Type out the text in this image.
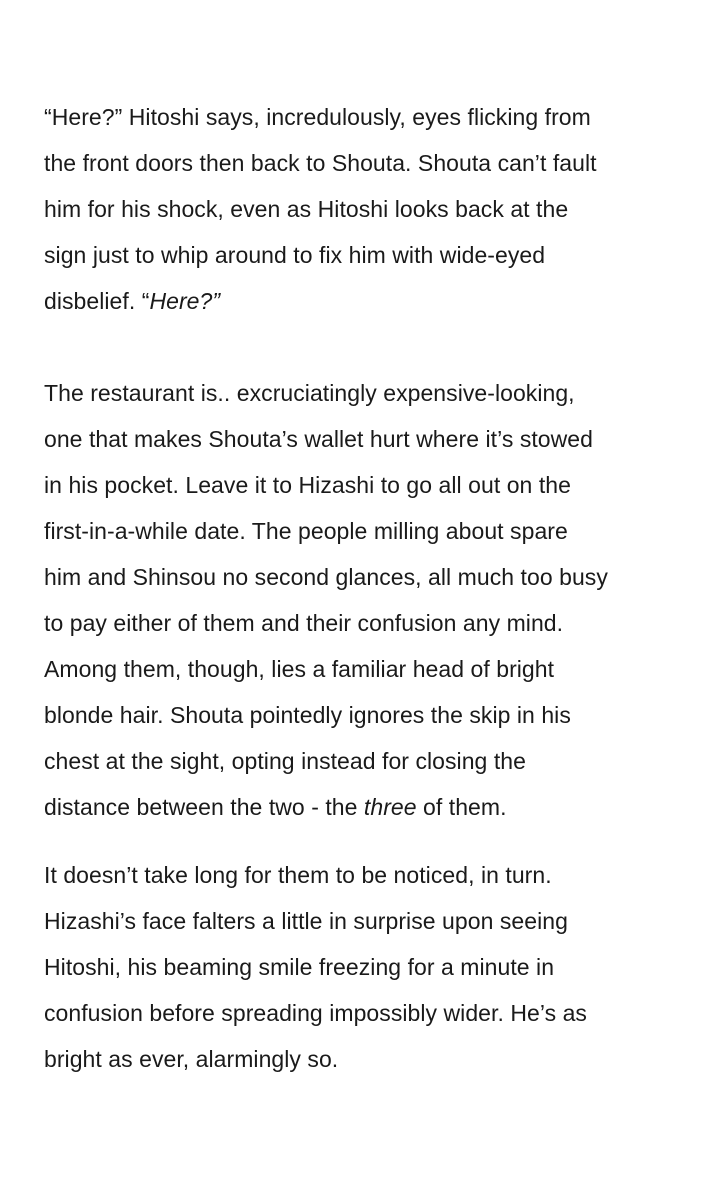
“Here?” Hitoshi says, incredulously, eyes flicking from
the front doors then back to Shouta. Shouta can’t fault
him for his shock, even as Hitoshi looks back at the
sign just to whip around to fix him with wide-eyed
disbelief. “Here?”
The restaurant is.. excruciatingly expensive-looking,
one that makes Shouta’s wallet hurt where it’s stowed
in his pocket. Leave it to Hizashi to go all out on the
first-in-a-while date. The people milling about spare
him and Shinsou no second glances, all much too busy
to pay either of them and their confusion any mind.
Among them, though, lies a familiar head of bright
blonde hair. Shouta pointedly ignores the skip in his
chest at the sight, opting instead for closing the
distance between the two - the three of them.
It doesn’t take long for them to be noticed, in turn.
Hizashi’s face falters a little in surprise upon seeing
Hitoshi, his beaming smile freezing for a minute in
confusion before spreading impossibly wider. He’s as
bright as ever, alarmingly so.
